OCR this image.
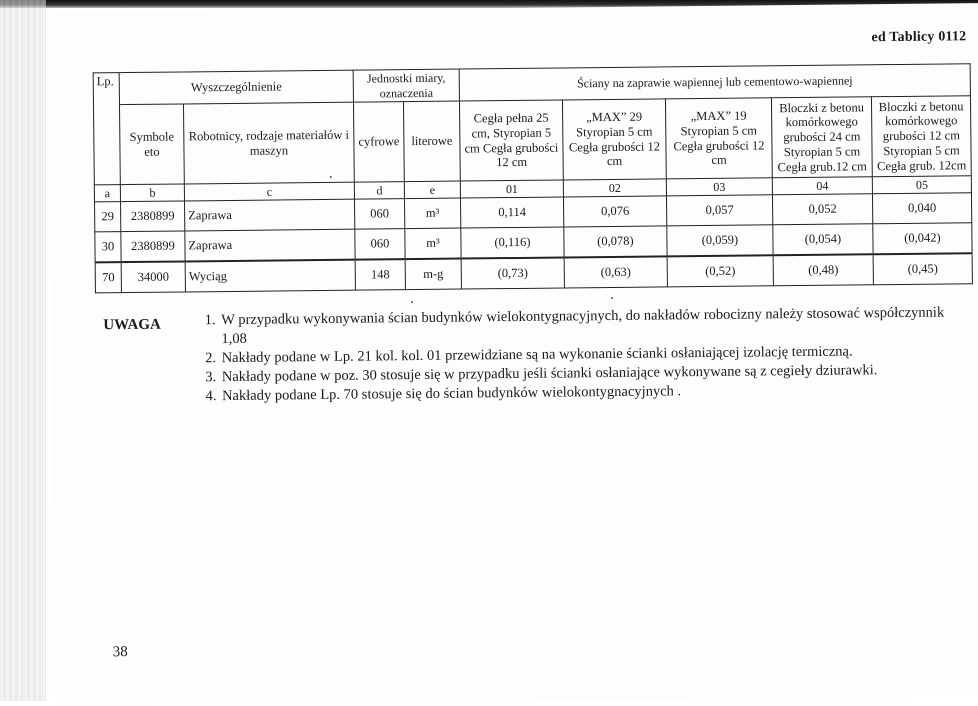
ed Tablicy 0112
Lp.	Wyszczególnienie		Jednostki miary, oznaczenia		Ściany na zaprawie wapiennej lub cementowo-wapiennej				
	Symbole eto	Robotnicy, rodzaje materiałów i maszyn	cyfrowe	literowe	Cegła pełna 25 cm, Styropian 5 cm Cegła grubości 12 cm	„MAX” 29 Styropian 5 cm Cegła grubości 12 cm	„MAX” 19 Styropian 5 cm Cegła grubości 12 cm	Bloczki z betonu komórkowego grubości 24 cm Styropian 5 cm Cegła grub.12 cm	Bloczki z betonu komórkowego grubości 12 cm Styropian 5 cm Cegła grub. 12cm
a	b	c	d	e	01	02	03	04	05
29	2380899	Zaprawa	060	m³	0,114	0,076	0,057	0,052	0,040
30	2380899	Zaprawa	060	m³	(0,116)	(0,078)	(0,059)	(0,054)	(0,042)
70	34000	Wyciąg	148	m-g	(0,73)	(0,63)	(0,52)	(0,48)	(0,45)
UWAGA	1. W przypadku wykonywania ścian budynków wielokontygnacyjnych, do nakładów robocizny należy stosować współczynnik 1,08
2. Nakłady podane w Lp. 21 kol. kol. 01 przewidziane są na wykonanie ścianki osłaniającej izolację termiczną.
3. Nakłady podane w poz. 30 stosuje się w przypadku jeśli ścianki osłaniające wykonywane są z cegieły dziurawki.
4. Nakłady podane Lp. 70 stosuje się do ścian budynków wielokontygnacyjnych .
38
